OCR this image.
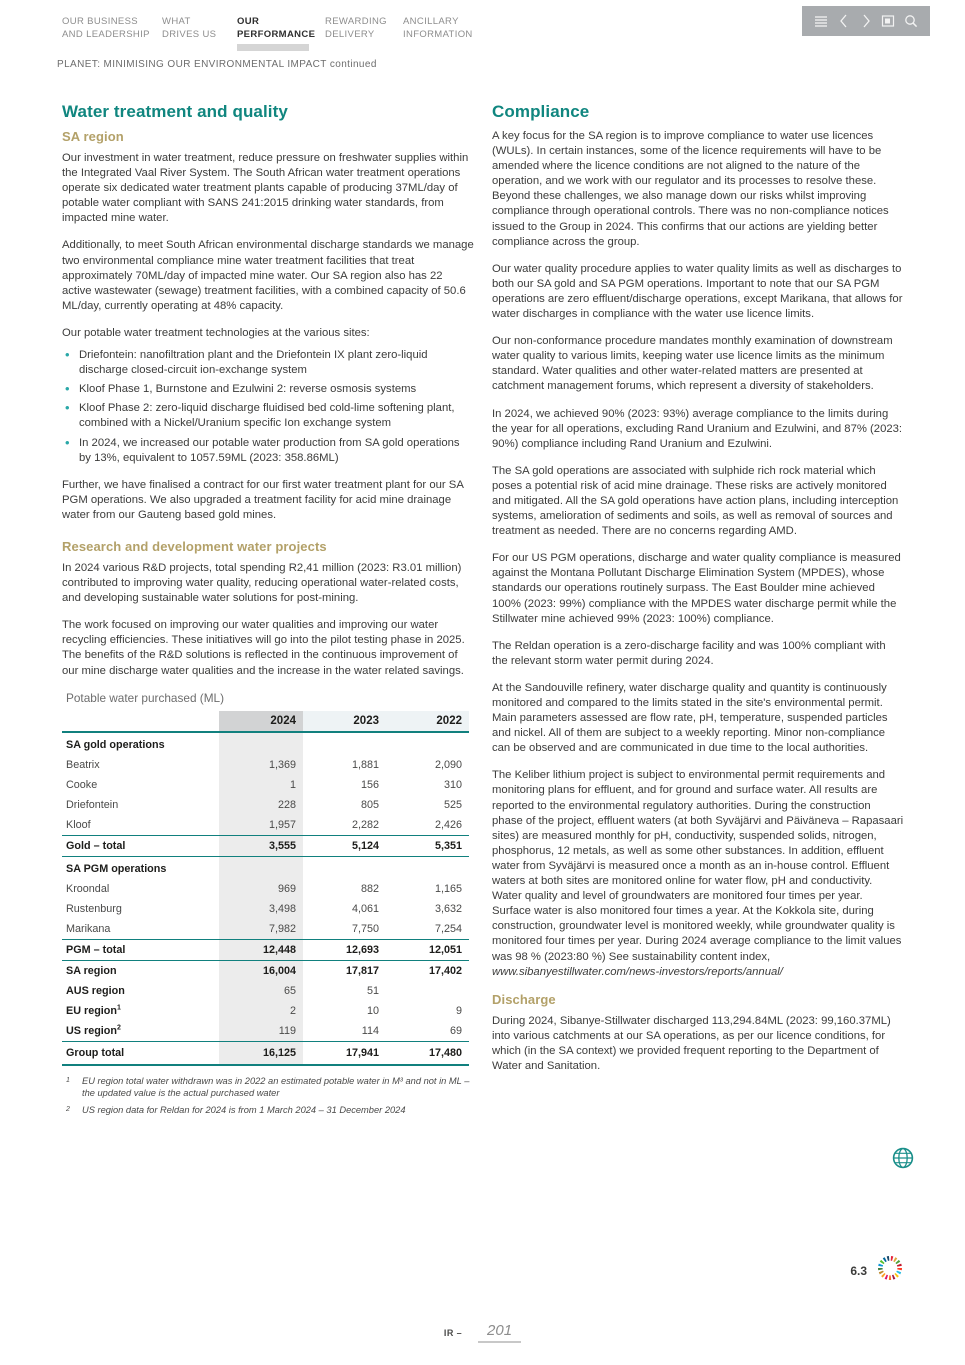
OUR BUSINESS
AND LEADERSHIP
WHAT
DRIVES US
OUR
PERFORMANCE
REWARDING
DELIVERY
ANCILLARY
INFORMATION
PLANET: MINIMISING OUR ENVIRONMENTAL IMPACT continued
Water treatment and quality
SA region

Our investment in water treatment, reduce pressure on freshwater supplies within the Integrated Vaal River System. The South African water treatment operations operate six dedicated water treatment plants capable of producing 37ML/day of potable water compliant with SANS 241:2015 drinking water standards, from impacted mine water.

Additionally, to meet South African environmental discharge standards we manage two environmental compliance mine water treatment facilities that treat approximately 70ML/day of impacted mine water. Our SA region also has 22 active wastewater (sewage) treatment facilities, with a combined capacity of 50.6 ML/day, currently operating at 48% capacity.

Our potable water treatment technologies at the various sites:

• Driefontein: nanofiltration plant and the Driefontein IX plant zero-liquid discharge closed-circuit ion-exchange system
• Kloof Phase 1, Burnstone and Ezulwini 2: reverse osmosis systems
• Kloof Phase 2: zero-liquid discharge fluidised bed cold-lime softening plant, combined with a Nickel/Uranium specific Ion exchange system
• In 2024, we increased our potable water production from SA gold operations by 13%, equivalent to 1057.59ML (2023: 358.86ML)

Further, we have finalised a contract for our first water treatment plant for our SA PGM operations. We also upgraded a treatment facility for acid mine drainage water from our Gauteng based gold mines.

Research and development water projects

In 2024 various R&D projects, total spending R2,41 million (2023: R3.01 million) contributed to improving water quality, reducing operational water-related costs, and developing sustainable water solutions for post-mining.

The work focused on improving our water qualities and improving our water recycling efficiencies. These initiatives will go into the pilot testing phase in 2025. The benefits of the R&D solutions is reflected in the continuous improvement of our mine discharge water qualities and the increase in the water related savings.

Potable water purchased (ML)
	2024	2023	2022
SA gold operations			
Beatrix	1,369	1,881	2,090
Cooke	1	156	310
Driefontein	228	805	525
Kloof	1,957	2,282	2,426
Gold – total	3,555	5,124	5,351
SA PGM operations			
Kroondal	969	882	1,165
Rustenburg	3,498	4,061	3,632
Marikana	7,982	7,750	7,254
PGM – total	12,448	12,693	12,051
SA region	16,004	17,817	17,402
AUS region	65	51	
EU region$^1$	2	10	9
US region$^2$	119	114	69
Group total	16,125	17,941	17,480
1	EU region total water withdrawn was in 2022 an estimated potable water in M³ and not in ML – the updated value is the actual purchased water
2	US region data for Reldan for 2024 is from 1 March 2024 – 31 December 2024
Compliance

A key focus for the SA region is to improve compliance to water use licences (WULs). In certain instances, some of the licence requirements will have to be amended where the licence conditions are not aligned to the nature of the operation, and we work with our regulator and its processes to resolve these. Beyond these challenges, we also manage down our risks whilst improving compliance through operational controls. There was no non-compliance notices issued to the Group in 2024. This confirms that our actions are yielding better compliance across the group.

Our water quality procedure applies to water quality limits as well as discharges to both our SA gold and SA PGM operations. Important to note that our SA PGM operations are zero effluent/discharge operations, except Marikana, that allows for water discharges in compliance with the water use licence limits.

Our non-conformance procedure mandates monthly examination of downstream water quality to various limits, keeping water use licence limits as the minimum standard. Water qualities and other water-related matters are presented at catchment management forums, which represent a diversity of stakeholders.

In 2024, we achieved 90% (2023: 93%) average compliance to the limits during the year for all operations, excluding Rand Uranium and Ezulwini, and 87% (2023: 90%) compliance including Rand Uranium and Ezulwini.

The SA gold operations are associated with sulphide rich rock material which poses a potential risk of acid mine drainage. These risks are actively monitored and mitigated. All the SA gold operations have action plans, including interception systems, amelioration of sediments and soils, as well as removal of sources and treatment as needed. There are no concerns regarding AMD.

For our US PGM operations, discharge and water quality compliance is measured against the Montana Pollutant Discharge Elimination System (MPDES), whose standards our operations routinely surpass. The East Boulder mine achieved 100% (2023: 99%) compliance with the MPDES water discharge permit while the Stillwater mine achieved 99% (2023: 100%) compliance.

The Reldan operation is a zero-discharge facility and was 100% compliant with the relevant storm water permit during 2024.

At the Sandouville refinery, water discharge quality and quantity is continuously monitored and compared to the limits stated in the site's environmental permit. Main parameters assessed are flow rate, pH, temperature, suspended particles and nickel. All of them are subject to a weekly reporting. Minor non-compliance can be observed and are communicated in due time to the local authorities.

The Keliber lithium project is subject to environmental permit requirements and monitoring plans for effluent, and for ground and surface water. All results are reported to the environmental regulatory authorities. During the construction phase of the project, effluent waters (at both Syväjärvi and Päiväneva – Rapasaari sites) are measured monthly for pH, conductivity, suspended solids, nitrogen, phosphorus, 12 metals, as well as some other substances. In addition, effluent water from Syväjärvi is measured once a month as an in-house control. Effluent waters at both sites are monitored online for water flow, pH and conductivity. Water quality and level of groundwaters are monitored four times per year. Surface water is also monitored four times a year. At the Kokkola site, during construction, groundwater level is monitored weekly, while groundwater quality is monitored four times per year. During 2024 average compliance to the limit values was 98 % (2023:80 %) See sustainability content index, www.sibanyestillwater.com/news-investors/reports/annual/

Discharge

During 2024, Sibanye-Stillwater discharged 113,294.84ML (2023: 99,160.37ML) into various catchments at our SA operations, as per our licence conditions, for which (in the SA context) we provided frequent reporting to the Department of Water and Sanitation.

6.3
IR –	201
